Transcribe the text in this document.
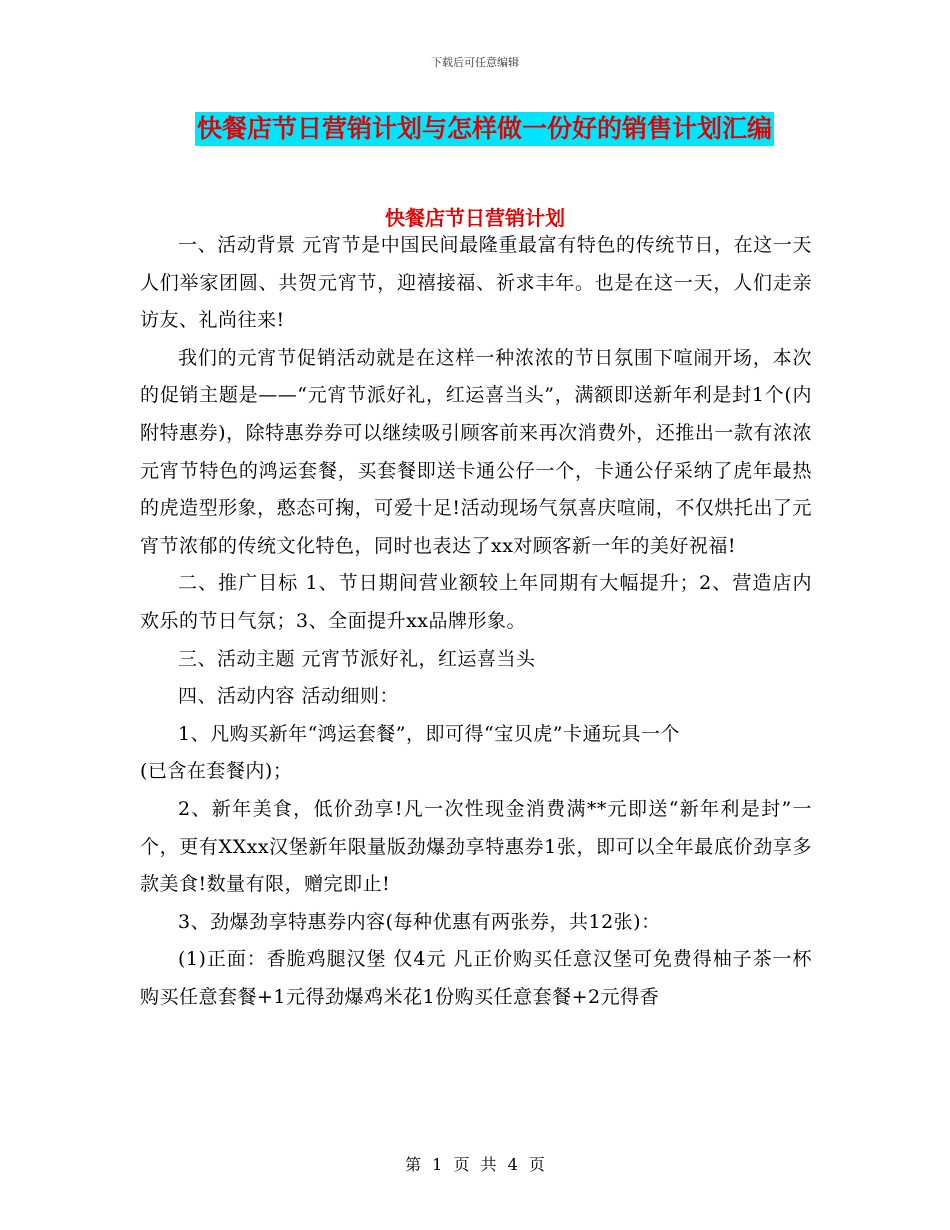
下载后可任意编辑
快餐店节日营销计划与怎样做一份好的销售计划汇编
快餐店节日营销计划

一、活动背景 元宵节是中国民间最隆重最富有特色的传统节日，在这一天人们举家团圆、共贺元宵节，迎禧接福、祈求丰年。也是在这一天，人们走亲访友、礼尚往来!

我们的元宵节促销活动就是在这样一种浓浓的节日氛围下喧闹开场，本次的促销主题是——“元宵节派好礼，红运喜当头”，满额即送新年利是封1个(内附特惠券)，除特惠券券可以继续吸引顾客前来再次消费外，还推出一款有浓浓元宵节特色的鸿运套餐，买套餐即送卡通公仔一个，卡通公仔采纳了虎年最热的虎造型形象，憨态可掬，可爱十足!活动现场气氛喜庆喧闹，不仅烘托出了元宵节浓郁的传统文化特色，同时也表达了xx对顾客新一年的美好祝福!

二、推广目标 1、节日期间营业额较上年同期有大幅提升；2、营造店内欢乐的节日气氛；3、全面提升xx品牌形象。

三、活动主题 元宵节派好礼，红运喜当头

四、活动内容 活动细则：

1、凡购买新年“鸿运套餐”，即可得“宝贝虎”卡通玩具一个

(已含在套餐内)；

2、新年美食，低价劲享!凡一次性现金消费满**元即送“新年利是封”一个，更有XXxx汉堡新年限量版劲爆劲享特惠券1张，即可以全年最底价劲享多款美食!数量有限，赠完即止!

3、劲爆劲享特惠券内容(每种优惠有两张券，共12张)：

(1)正面：香脆鸡腿汉堡 仅4元 凡正价购买任意汉堡可免费得柚子茶一杯 购买任意套餐+1元得劲爆鸡米花1份购买任意套餐+2元得香

第 1 页 共 4 页
